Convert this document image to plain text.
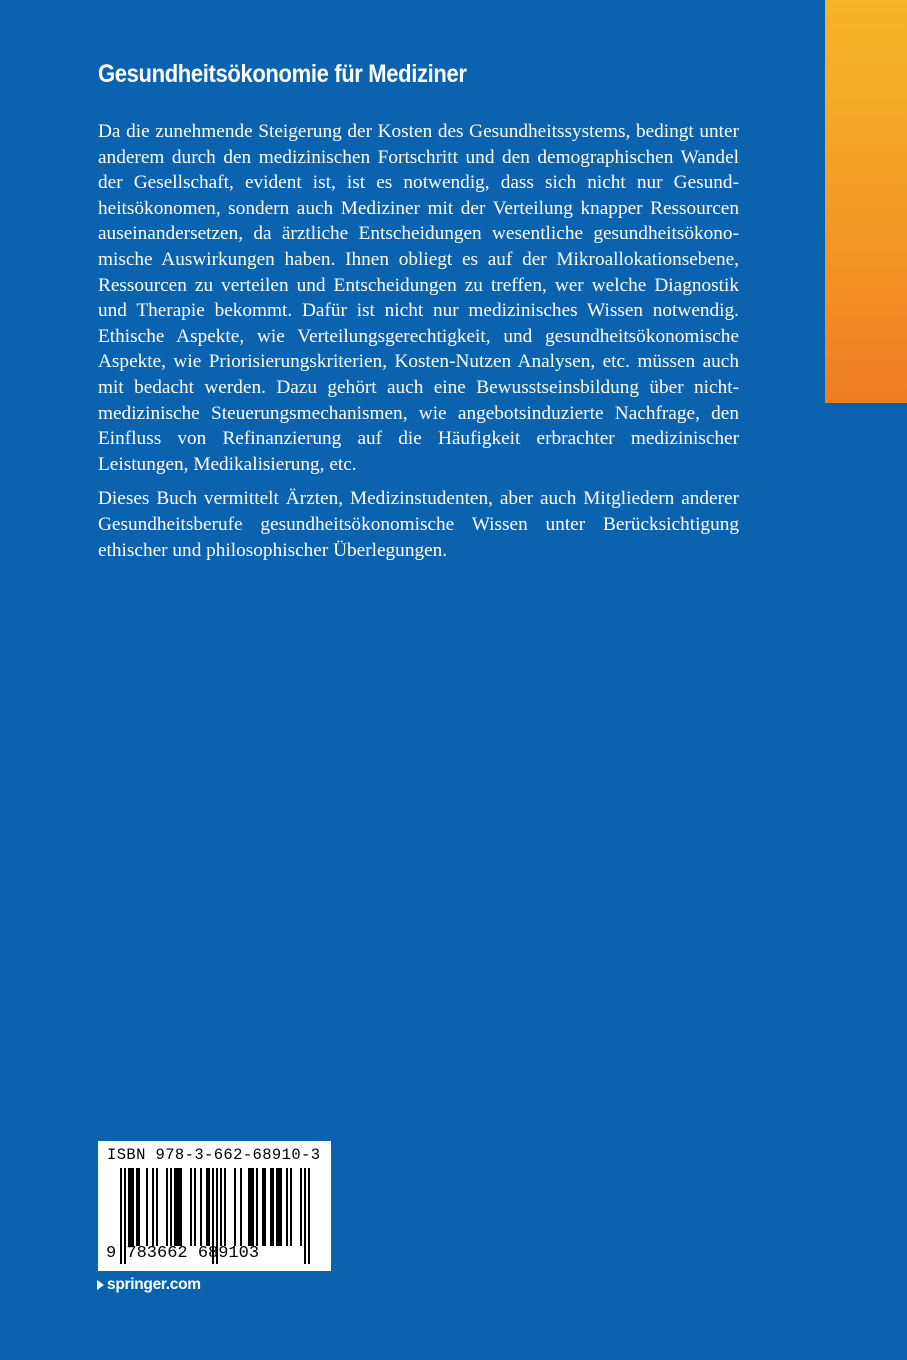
Gesundheitsökonomie für Mediziner

Da die zunehmende Steigerung der Kosten des Gesundheitssystems, bedingt unter anderem durch den medizinischen Fortschritt und den demographischen Wandel der Gesellschaft, evident ist, ist es notwendig, dass sich nicht nur Gesundheitsökonomen, sondern auch Mediziner mit der Verteilung knapper Ressourcen auseinandersetzen, da ärztliche Entscheidungen wesentliche gesundheitsökonomische Auswirkungen haben. Ihnen obliegt es auf der Mikroallokationsebene, Ressourcen zu verteilen und Entscheidungen zu treffen, wer welche Diagnostik und Therapie bekommt. Dafür ist nicht nur medizinisches Wissen notwendig. Ethische Aspekte, wie Verteilungsgerechtigkeit, und gesundheitsökonomische Aspekte, wie Priorisierungskriterien, Kosten-Nutzen Analysen, etc. müssen auch mit bedacht werden. Dazu gehört auch eine Bewusstseinsbildung über nicht-medizinische Steuerungsmechanismen, wie angebotsinduzierte Nachfrage, den Einfluss von Refinanzierung auf die Häufigkeit erbrachter medizinischer Leistungen, Medikalisierung, etc.

Dieses Buch vermittelt Ärzten, Medizinstudenten, aber auch Mitgliedern anderer Gesundheitsberufe gesundheitsökonomische Wissen unter Berücksichtigung ethischer und philosophischer Überlegungen.

ISBN 978-3-662-68910-3
9 783662 689103
springer.com
